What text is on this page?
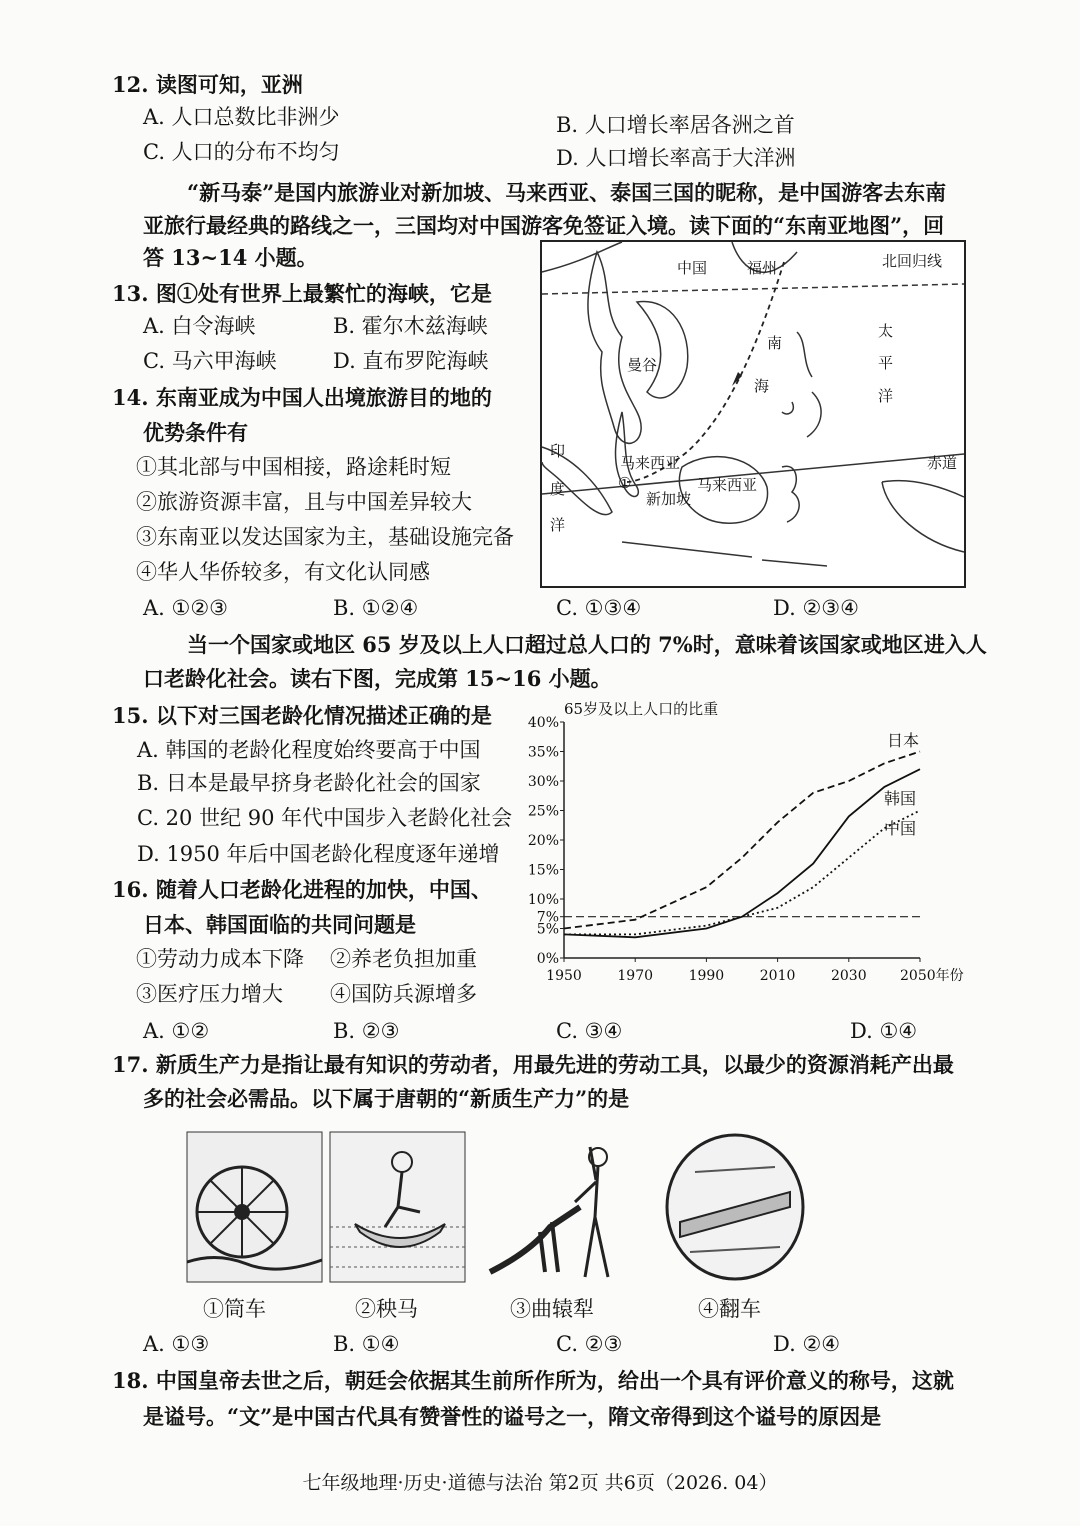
12. 读图可知，亚洲
A. 人口总数比非洲少	B. 人口增长率居各洲之首
C. 人口的分布不均匀	D. 人口增长率高于大洋洲
“新马泰”是国内旅游业对新加坡、马来西亚、泰国三国的昵称，是中国游客去东南
亚旅行最经典的路线之一，三国均对中国游客免签证入境。读下面的“东南亚地图”，回
答 13~14 小题。
13. 图①处有世界上最繁忙的海峡，它是
A. 白令海峡	B. 霍尔木兹海峡
C. 马六甲海峡	D. 直布罗陀海峡
14. 东南亚成为中国人出境旅游目的地的
优势条件有
①其北部与中国相接，路途耗时短
②旅游资源丰富，且与中国差异较大
③东南亚以发达国家为主，基础设施完备
④华人华侨较多，有文化认同感
A. ①②③	B. ①②④	C. ①③④	D. ②③④
中国	福州	北回归线
南
海
太
平
洋
曼谷
印
度
洋
马来西亚
马来西亚
新加坡
赤道
①
当一个国家或地区 65 岁及以上人口超过总人口的 7%时，意味着该国家或地区进入人
口老龄化社会。读右下图，完成第 15~16 小题。
15. 以下对三国老龄化情况描述正确的是
A. 韩国的老龄化程度始终要高于中国
B. 日本是最早挤身老龄化社会的国家
C. 20 世纪 90 年代中国步入老龄化社会
D. 1950 年后中国老龄化程度逐年递增
16. 随着人口老龄化进程的加快，中国、
日本、韩国面临的共同问题是
①劳动力成本下降 ②养老负担加重
③医疗压力增大 ④国防兵源增多
A. ①②	B. ②③	C. ③④	D. ①④
65岁及以上人口的比重
0%
5%
7%
10%
15%
20%
25%
30%
35%
40%
1950	1970	1990	2010	2030 2050年份
日本
韩国
中国
17. 新质生产力是指让最有知识的劳动者，用最先进的劳动工具，以最少的资源消耗产出最
多的社会必需品。以下属于唐朝的“新质生产力”的是
①筒车	②秧马	③曲辕犁	④翻车
A. ①③	B. ①④	C. ②③	D. ②④
18. 中国皇帝去世之后，朝廷会依据其生前所作所为，给出一个具有评价意义的称号，这就
是谥号。“文”是中国古代具有赞誉性的谥号之一，隋文帝得到这个谥号的原因是
七年级地理·历史·道德与法治 第2页 共6页（2026. 04）
